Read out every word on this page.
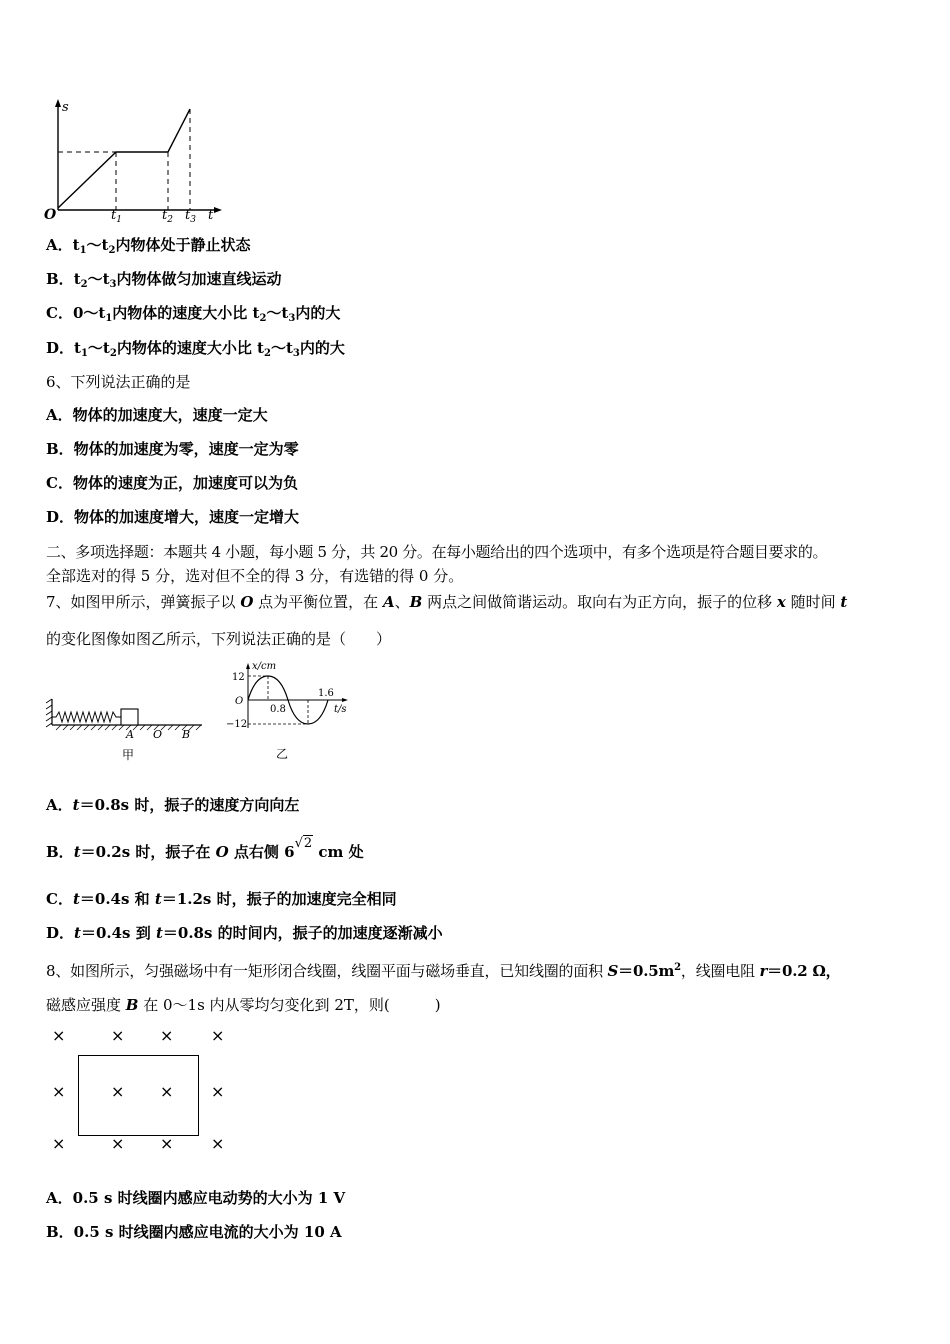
s
O	$t_1$	$t_2$ $t_3$ t
A．$t_1\sim t_2$内物体处于静止状态
B．$t_2\sim t_3$内物体做匀加速直线运动
C．$0\sim t_1$内物体的速度大小比 $t_2\sim t_3$内的大
D．$t_1\sim t_2$内物体的速度大小比 $t_2\sim t_3$内的大
6、下列说法正确的是
A．物体的加速度大，速度一定大
B．物体的加速度为零，速度一定为零
C．物体的速度为正，加速度可以为负
D．物体的加速度增大，速度一定增大
二、多项选择题：本题共 4 小题，每小题 5 分，共 20 分。在每小题给出的四个选项中，有多个选项是符合题目要求的。
全部选对的得 5 分，选对但不全的得 3 分，有选错的得 0 分。
7、如图甲所示，弹簧振子以 O 点为平衡位置，在 A、B 两点之间做简谐运动。取向右为正方向，振子的位移 x 随时间 t
的变化图像如图乙所示，下列说法正确的是（　　）
A O B
甲
x/cm
12
−12
O
0.8
1.6
t/s
乙
A．t＝0.8s 时，振子的速度方向向左
B．t＝0.2s 时，振子在 O 点右侧 6√2 cm 处
C．t＝0.4s 和 t＝1.2s 时，振子的加速度完全相同
D．t＝0.4s 到 t＝0.8s 的时间内，振子的加速度逐渐减小
8、如图所示，匀强磁场中有一矩形闭合线圈，线圈平面与磁场垂直，已知线圈的面积 $S=0.5m^2$，线圈电阻 r＝0.2 Ω，
磁感应强度 B 在 0～1s 内从零均匀变化到 2T，则(　　　)
×	× × ×
×	× × ×
×	× × ×
A．0.5 s 时线圈内感应电动势的大小为 1 V
B．0.5 s 时线圈内感应电流的大小为 10 A
